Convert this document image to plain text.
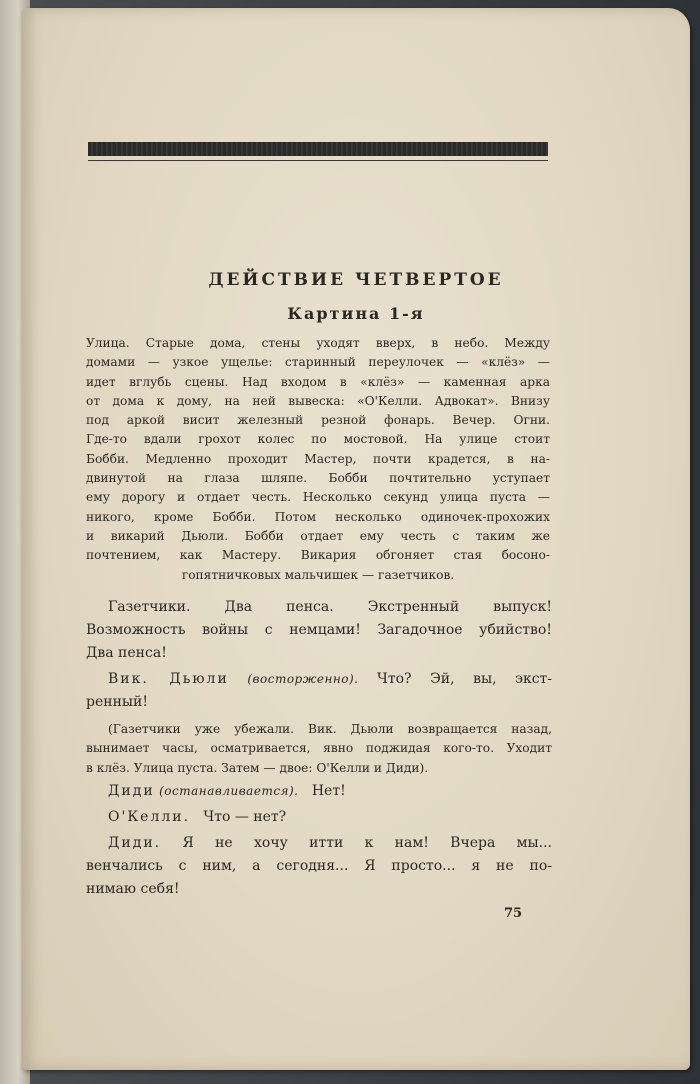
ДЕЙСТВИЕ ЧЕТВЕРТОЕ
Картина 1-я
Улица. Старые дома, стены уходят вверх, в небо. Между
домами — узкое ущелье: старинный переулочек — «клёз» —
идет вглубь сцены. Над входом в «клёз» — каменная арка
от дома к дому, на ней вывеска: «О'Келли. Адвокат». Внизу
под аркой висит железный резной фонарь. Вечер. Огни.
Где-то вдали грохот колес по мостовой. На улице стоит
Бобби. Медленно проходит Мастер, почти крадется, в на-
двинутой на глаза шляпе. Бобби почтительно уступает
ему дорогу и отдает честь. Несколько секунд улица пуста —
никого, кроме Бобби. Потом несколько одиночек-прохожих
и викарий Дьюли. Бобби отдает ему честь с таким же
почтением, как Мастеру. Викария обгоняет стая босоно-
гопятничковых мальчишек — газетчиков.
Газетчики. Два пенса. Экстренный выпуск!
Возможность войны с немцами! Загадочное убийство!
Два пенса!
Вик. Дьюли (восторженно). Что? Эй, вы, экст-
ренный!
(Газетчики уже убежали. Вик. Дьюли возвращается назад,
вынимает часы, осматривается, явно поджидая кого-то. Уходит
в клёз. Улица пуста. Затем — двое: О'Келли и Диди).
Диди (останавливается). Нет!
О'Келли. Что — нет?
Диди. Я не хочу итти к нам! Вчера мы...
венчались с ним, а сегодня... Я просто... я не по-
нимаю себя!

75
